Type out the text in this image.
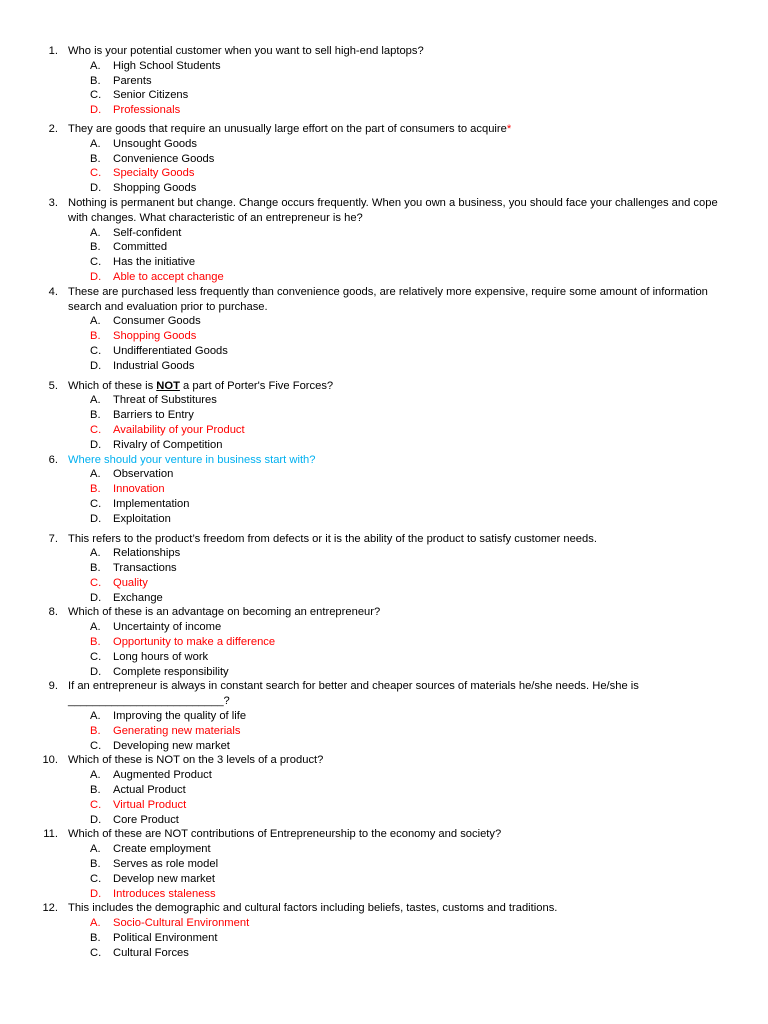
1. Who is your potential customer when you want to sell high-end laptops?
A. High School Students
B. Parents
C. Senior Citizens
D. Professionals
2. They are goods that require an unusually large effort on the part of consumers to acquire*
A. Unsought Goods
B. Convenience Goods
C. Specialty Goods
D. Shopping Goods
3. Nothing is permanent but change. Change occurs frequently. When you own a business, you should face your challenges and cope with changes. What characteristic of an entrepreneur is he?
A. Self-confident
B. Committed
C. Has the initiative
D. Able to accept change
4. These are purchased less frequently than convenience goods, are relatively more expensive, require some amount of information search and evaluation prior to purchase.
A. Consumer Goods
B. Shopping Goods
C. Undifferentiated Goods
D. Industrial Goods
5. Which of these is NOT a part of Porter's Five Forces?
A. Threat of Substitures
B. Barriers to Entry
C. Availability of your Product
D. Rivalry of Competition
6. Where should your venture in business start with?
A. Observation
B. Innovation
C. Implementation
D. Exploitation
7. This refers to the product’s freedom from defects or it is the ability of the product to satisfy customer needs.
A. Relationships
B. Transactions
C. Quality
D. Exchange
8. Which of these is an advantage on becoming an entrepreneur?
A. Uncertainty of income
B. Opportunity to make a difference
C. Long hours of work
D. Complete responsibility
9. If an entrepreneur is always in constant search for better and cheaper sources of materials he/she needs. He/she is _________________________?
A. Improving the quality of life
B. Generating new materials
C. Developing new market
10. Which of these is NOT on the 3 levels of a product?
A. Augmented Product
B. Actual Product
C. Virtual Product
D. Core Product
11. Which of these are NOT contributions of Entrepreneurship to the economy and society?
A. Create employment
B. Serves as role model
C. Develop new market
D. Introduces staleness
12. This includes the demographic and cultural factors including beliefs, tastes, customs and traditions.
A. Socio-Cultural Environment
B. Political Environment
C. Cultural Forces
